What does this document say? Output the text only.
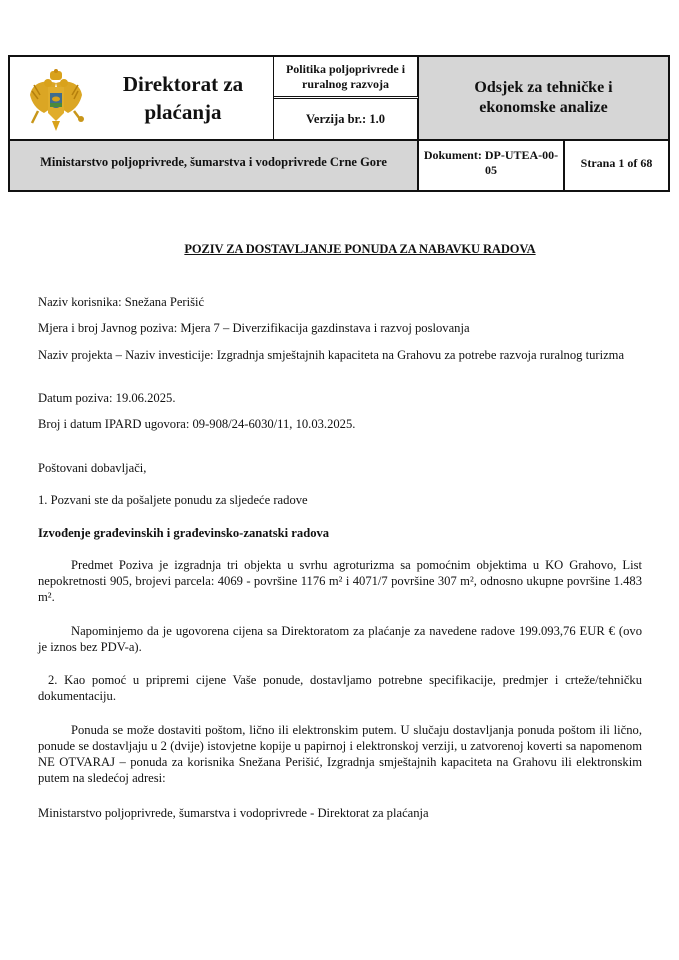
Direktorat za plaćanja
Politika poljoprivrede i ruralnog razvoja
Verzija br.: 1.0
Odsjek za tehničke i ekonomske analize
Ministarstvo poljoprivrede, šumarstva i vodoprivrede Crne Gore	Dokument: DP-UTEA-00-05	Strana 1 of 68
POZIV ZA DOSTAVLJANJE PONUDA ZA NABAVKU RADOVA
Naziv korisnika: Snežana Perišić
Mjera i broj Javnog poziva: Mjera 7 – Diverzifikacija gazdinstava i razvoj poslovanja
Naziv projekta – Naziv investicije: Izgradnja smještajnih kapaciteta na Grahovu za potrebe razvoja ruralnog turizma
Datum poziva: 19.06.2025.
Broj i datum IPARD ugovora: 09-908/24-6030/11, 10.03.2025.
Poštovani dobavljači,
1. Pozvani ste da pošaljete ponudu za sljedeće radove
Izvođenje građevinskih i građevinsko-zanatski radova
Predmet Poziva je izgradnja tri objekta u svrhu agroturizma sa pomoćnim objektima u KO Grahovo, List nepokretnosti 905, brojevi parcela: 4069 - površine 1176 m² i 4071/7 površine 307 m², odnosno ukupne površine 1.483 m².
Napominjemo da je ugovorena cijena sa Direktoratom za plaćanje za navedene radove 199.093,76 EUR € (ovo je iznos bez PDV-a).
2. Kao pomoć u pripremi cijene Vaše ponude, dostavljamo potrebne specifikacije, predmjer i crteže/tehničku dokumentaciju.
Ponuda se može dostaviti poštom, lično ili elektronskim putem. U slučaju dostavljanja ponuda poštom ili lično, ponude se dostavljaju u 2 (dvije) istovjetne kopije u papirnoj i elektronskoj verziji, u zatvorenoj koverti sa napomenom NE OTVARAJ – ponuda za korisnika Snežana Perišić, Izgradnja smještajnih kapaciteta na Grahovu ili elektronskim putem na sledećoj adresi:
Ministarstvo poljoprivrede, šumarstva i vodoprivrede - Direktorat za plaćanja
